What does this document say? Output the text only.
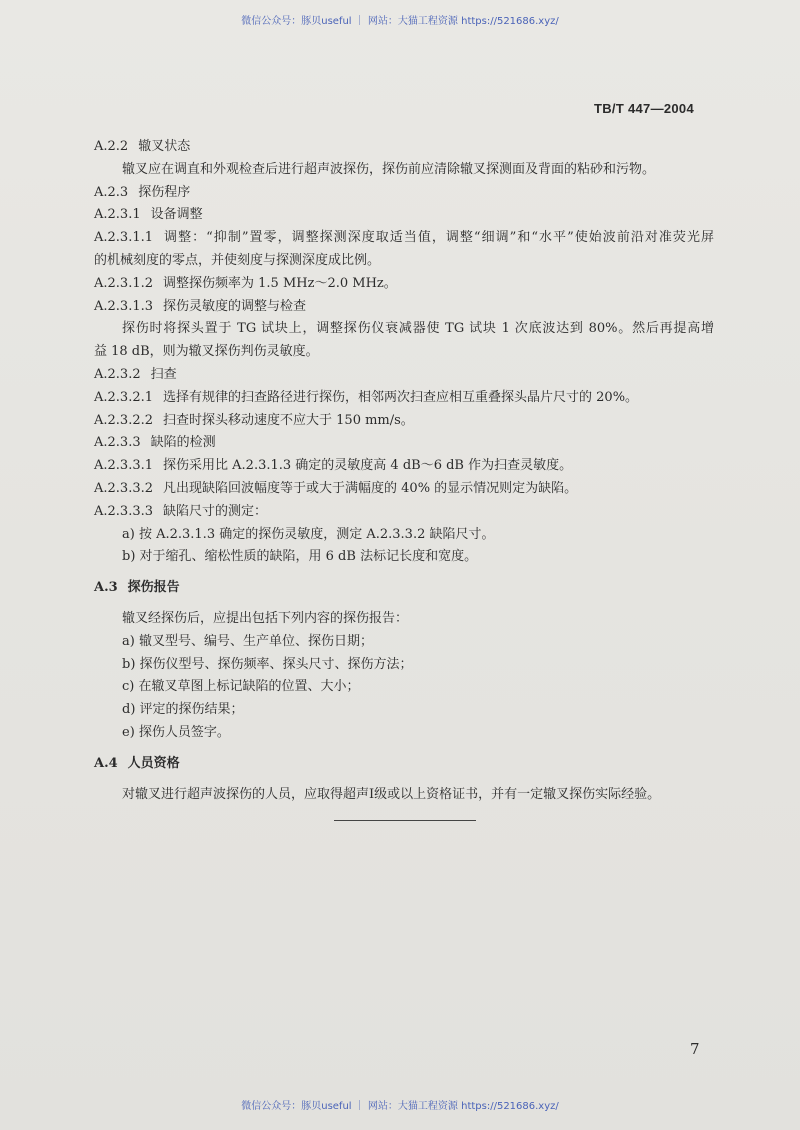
微信公众号：豚贝useful ｜ 网站：大猫工程资源 https://521686.xyz/
TB/T 447—2004
A.2.2 辙叉状态
辙叉应在调直和外观检查后进行超声波探伤，探伤前应清除辙叉探测面及背面的粘砂和污物。
A.2.3 探伤程序
A.2.3.1 设备调整
A.2.3.1.1 调整：“抑制”置零，调整探测深度取适当值，调整“细调”和“水平”使始波前沿对准荧光屏
的机械刻度的零点，并使刻度与探测深度成比例。
A.2.3.1.2 调整探伤频率为 1.5 MHz～2.0 MHz。
A.2.3.1.3 探伤灵敏度的调整与检查
探伤时将探头置于 TG 试块上，调整探伤仪衰减器使 TG 试块 1 次底波达到 80%。然后再提高增
益 18 dB，则为辙叉探伤判伤灵敏度。
A.2.3.2 扫查
A.2.3.2.1 选择有规律的扫查路径进行探伤，相邻两次扫查应相互重叠探头晶片尺寸的 20%。
A.2.3.2.2 扫查时探头移动速度不应大于 150 mm/s。
A.2.3.3 缺陷的检测
A.2.3.3.1 探伤采用比 A.2.3.1.3 确定的灵敏度高 4 dB～6 dB 作为扫查灵敏度。
A.2.3.3.2 凡出现缺陷回波幅度等于或大于满幅度的 40% 的显示情况则定为缺陷。
A.2.3.3.3 缺陷尺寸的测定：
a) 按 A.2.3.1.3 确定的探伤灵敏度，测定 A.2.3.3.2 缺陷尺寸。
b) 对于缩孔、缩松性质的缺陷，用 6 dB 法标记长度和宽度。
A.3 探伤报告
辙叉经探伤后，应提出包括下列内容的探伤报告：
a) 辙叉型号、编号、生产单位、探伤日期；
b) 探伤仪型号、探伤频率、探头尺寸、探伤方法；
c) 在辙叉草图上标记缺陷的位置、大小；
d) 评定的探伤结果；
e) 探伤人员签字。
A.4 人员资格
对辙叉进行超声波探伤的人员，应取得超声Ⅰ级或以上资格证书，并有一定辙叉探伤实际经验。
7
微信公众号：豚贝useful ｜ 网站：大猫工程资源 https://521686.xyz/
